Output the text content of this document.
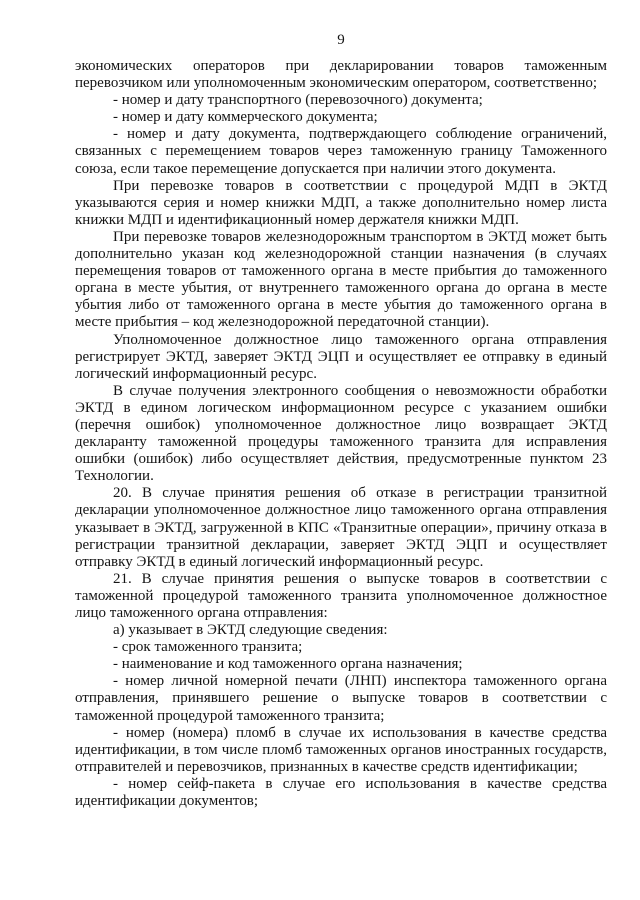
9

экономических операторов при декларировании товаров таможенным перевозчиком или уполномоченным экономическим оператором, соответственно;

- номер и дату транспортного (перевозочного) документа;

- номер и дату коммерческого документа;

- номер и дату документа, подтверждающего соблюдение ограничений, связанных с перемещением товаров через таможенную границу Таможенного союза, если такое перемещение допускается при наличии этого документа.

При перевозке товаров в соответствии с процедурой МДП в ЭКТД указываются серия и номер книжки МДП, а также дополнительно номер листа книжки МДП и идентификационный номер держателя книжки МДП.

При перевозке товаров железнодорожным транспортом в ЭКТД может быть дополнительно указан код железнодорожной станции назначения (в случаях перемещения товаров от таможенного органа в месте прибытия до таможенного органа в месте убытия, от внутреннего таможенного органа до органа в месте убытия либо от таможенного органа в месте убытия до таможенного органа в месте прибытия – код железнодорожной передаточной станции).

Уполномоченное должностное лицо таможенного органа отправления регистрирует ЭКТД, заверяет ЭКТД ЭЦП и осуществляет ее отправку в единый логический информационный ресурс.

В случае получения электронного сообщения о невозможности обработки ЭКТД в едином логическом информационном ресурсе с указанием ошибки (перечня ошибок) уполномоченное должностное лицо возвращает ЭКТД декларанту таможенной процедуры таможенного транзита для исправления ошибки (ошибок) либо осуществляет действия, предусмотренные пунктом 23 Технологии.

20. В случае принятия решения об отказе в регистрации транзитной декларации уполномоченное должностное лицо таможенного органа отправления указывает в ЭКТД, загруженной в КПС «Транзитные операции», причину отказа в регистрации транзитной декларации, заверяет ЭКТД ЭЦП и осуществляет отправку ЭКТД в единый логический информационный ресурс.

21. В случае принятия решения о выпуске товаров в соответствии с таможенной процедурой таможенного транзита уполномоченное должностное лицо таможенного органа отправления:

а) указывает в ЭКТД следующие сведения:

- срок таможенного транзита;

- наименование и код таможенного органа назначения;

- номер личной номерной печати (ЛНП) инспектора таможенного органа отправления, принявшего решение о выпуске товаров в соответствии с таможенной процедурой таможенного транзита;

- номер (номера) пломб в случае их использования в качестве средства идентификации, в том числе пломб таможенных органов иностранных государств, отправителей и перевозчиков, признанных в качестве средств идентификации;

- номер сейф-пакета в случае его использования в качестве средства идентификации документов;
